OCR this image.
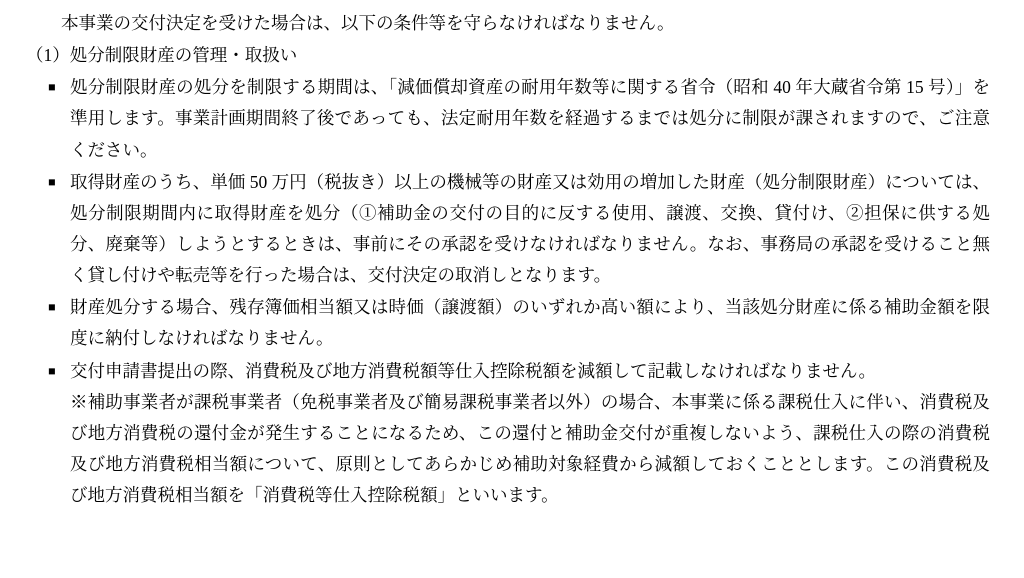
本事業の交付決定を受けた場合は、以下の条件等を守らなければなりません。

（1）処分制限財産の管理・取扱い

■ 処分制限財産の処分を制限する期間は、「減価償却資産の耐用年数等に関する省令（昭和 40 年大蔵省令第 15 号）」を準用します。事業計画期間終了後であっても、法定耐用年数を経過するまでは処分に制限が課されますので、ご注意ください。
■ 取得財産のうち、単価 50 万円（税抜き）以上の機械等の財産又は効用の増加した財産（処分制限財産）については、処分制限期間内に取得財産を処分（①補助金の交付の目的に反する使用、譲渡、交換、貸付け、②担保に供する処分、廃棄等）しようとするときは、事前にその承認を受けなければなりません。なお、事務局の承認を受けること無く貸し付けや転売等を行った場合は、交付決定の取消しとなります。
■ 財産処分する場合、残存簿価相当額又は時価（譲渡額）のいずれか高い額により、当該処分財産に係る補助金額を限度に納付しなければなりません。
■ 交付申請書提出の際、消費税及び地方消費税額等仕入控除税額を減額して記載しなければなりません。
※補助事業者が課税事業者（免税事業者及び簡易課税事業者以外）の場合、本事業に係る課税仕入に伴い、消費税及び地方消費税の還付金が発生することになるため、この還付と補助金交付が重複しないよう、課税仕入の際の消費税及び地方消費税相当額について、原則としてあらかじめ補助対象経費から減額しておくこととします。この消費税及び地方消費税相当額を「消費税等仕入控除税額」といいます。
